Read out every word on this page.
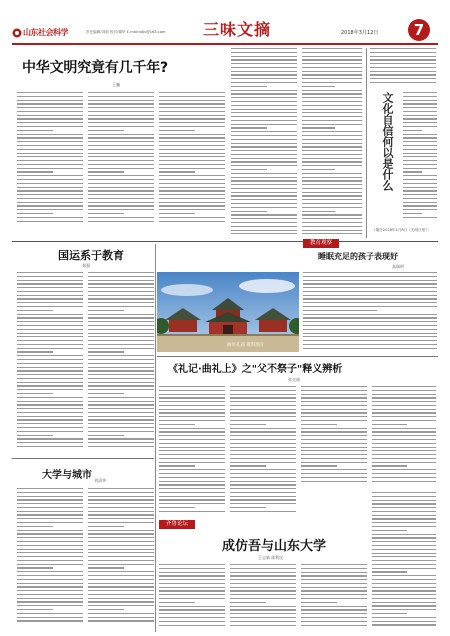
山东社会科学	责任编辑/刘莉 校对/谢华 E-mail:sdjs@163.com 三味文摘	2018年3月12日	7
中华文明究竟有几千年?
王巍
文化自信何以是什么
（摘自2018年1月8日《光明日报》）
国运系于教育
郑强
教育观察
睡眠充足的孩子表现好
高瑞明
曲阜孔庙 资料图片
《礼记·曲礼上》之"父不祭子"释义辨析
张光福
大学与城市 刘清华
齐鲁论坛
成仿吾与山东大学
王志新 陈利民
